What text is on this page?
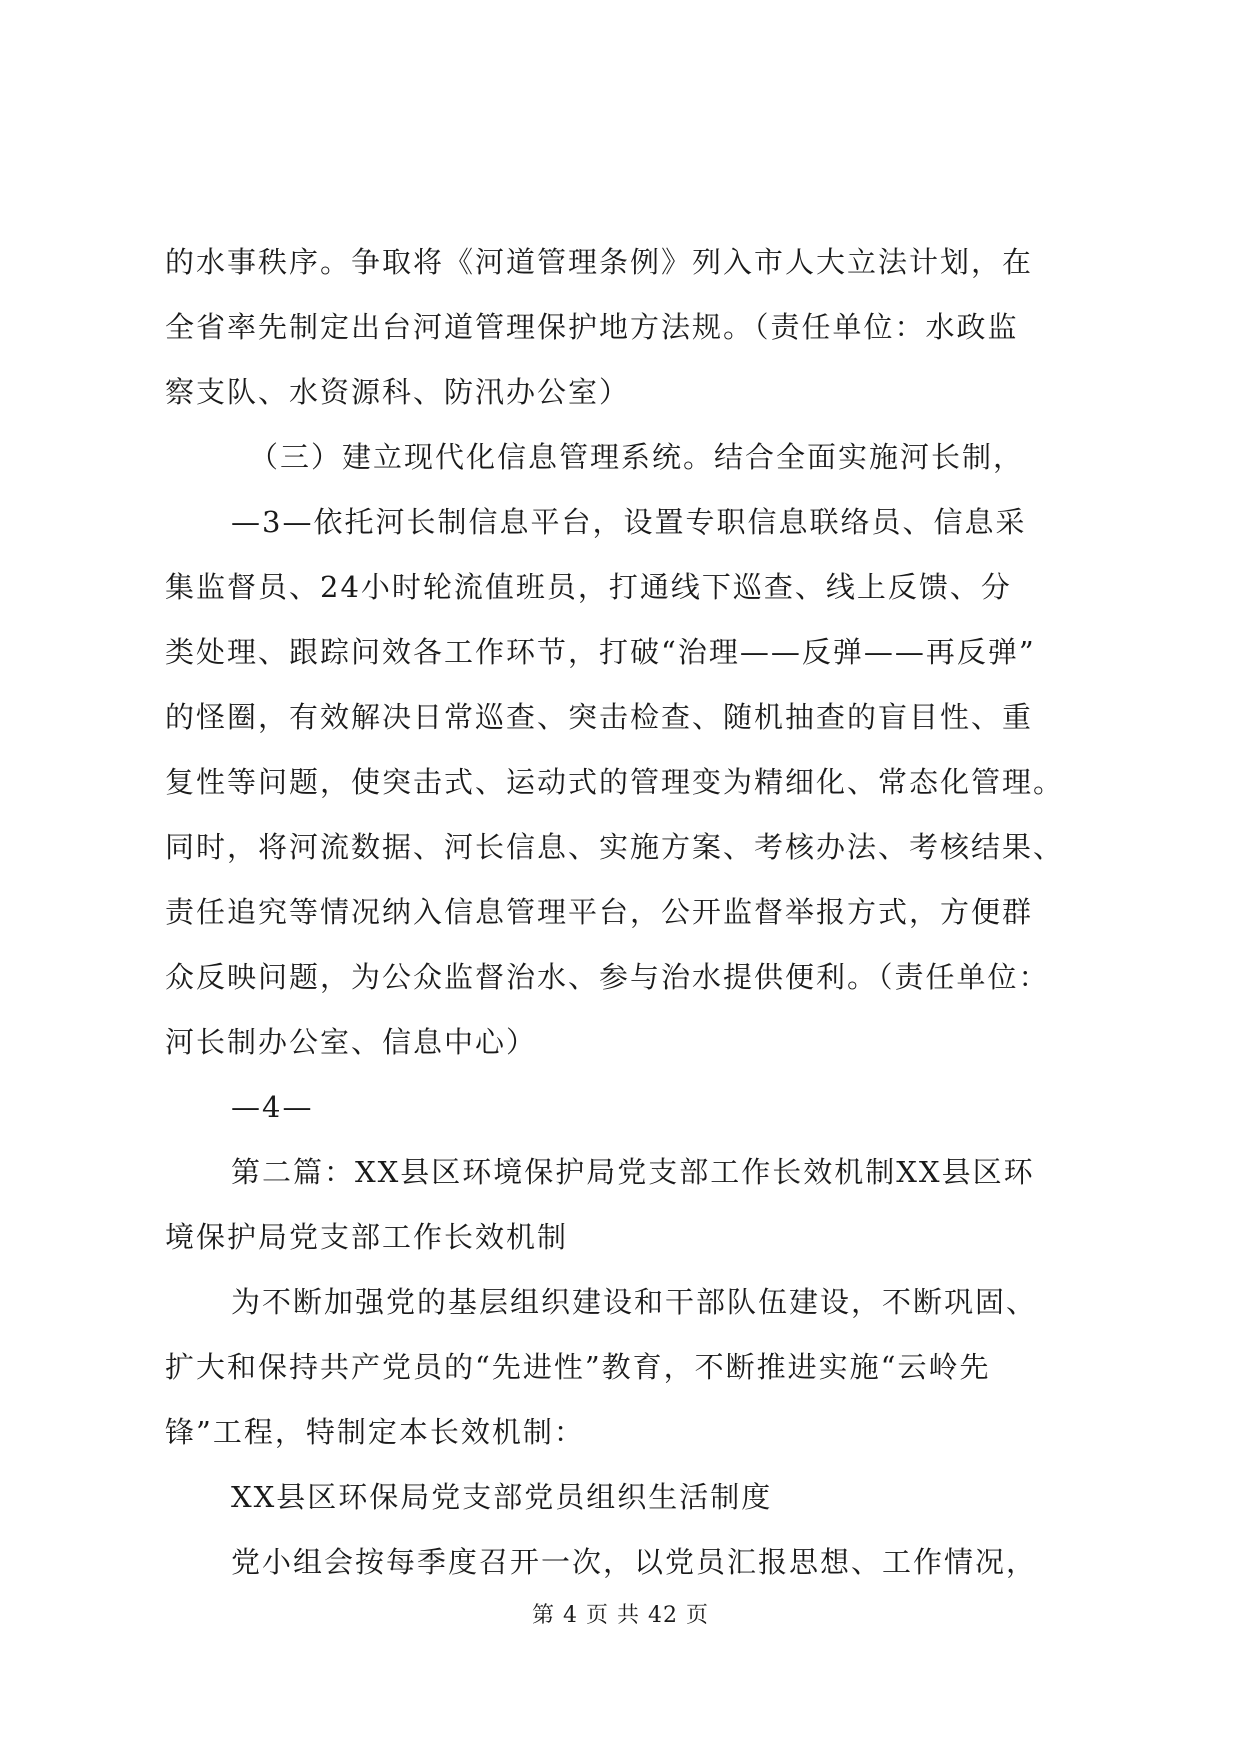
的水事秩序。争取将《河道管理条例》列入市人大立法计划，在
全省率先制定出台河道管理保护地方法规。（责任单位：水政监
察支队、水资源科、防汛办公室）
（三）建立现代化信息管理系统。结合全面实施河长制，
—3—依托河长制信息平台，设置专职信息联络员、信息采
集监督员、24小时轮流值班员，打通线下巡查、线上反馈、分
类处理、跟踪问效各工作环节，打破“治理——反弹——再反弹”
的怪圈，有效解决日常巡查、突击检查、随机抽查的盲目性、重
复性等问题，使突击式、运动式的管理变为精细化、常态化管理。
同时，将河流数据、河长信息、实施方案、考核办法、考核结果、
责任追究等情况纳入信息管理平台，公开监督举报方式，方便群
众反映问题，为公众监督治水、参与治水提供便利。（责任单位：
河长制办公室、信息中心）
—4—
第二篇：XX县区环境保护局党支部工作长效机制XX县区环
境保护局党支部工作长效机制
为不断加强党的基层组织建设和干部队伍建设，不断巩固、
扩大和保持共产党员的“先进性”教育，不断推进实施“云岭先
锋”工程，特制定本长效机制：
XX县区环保局党支部党员组织生活制度
党小组会按每季度召开一次，以党员汇报思想、工作情况，
第 4 页 共 42 页
